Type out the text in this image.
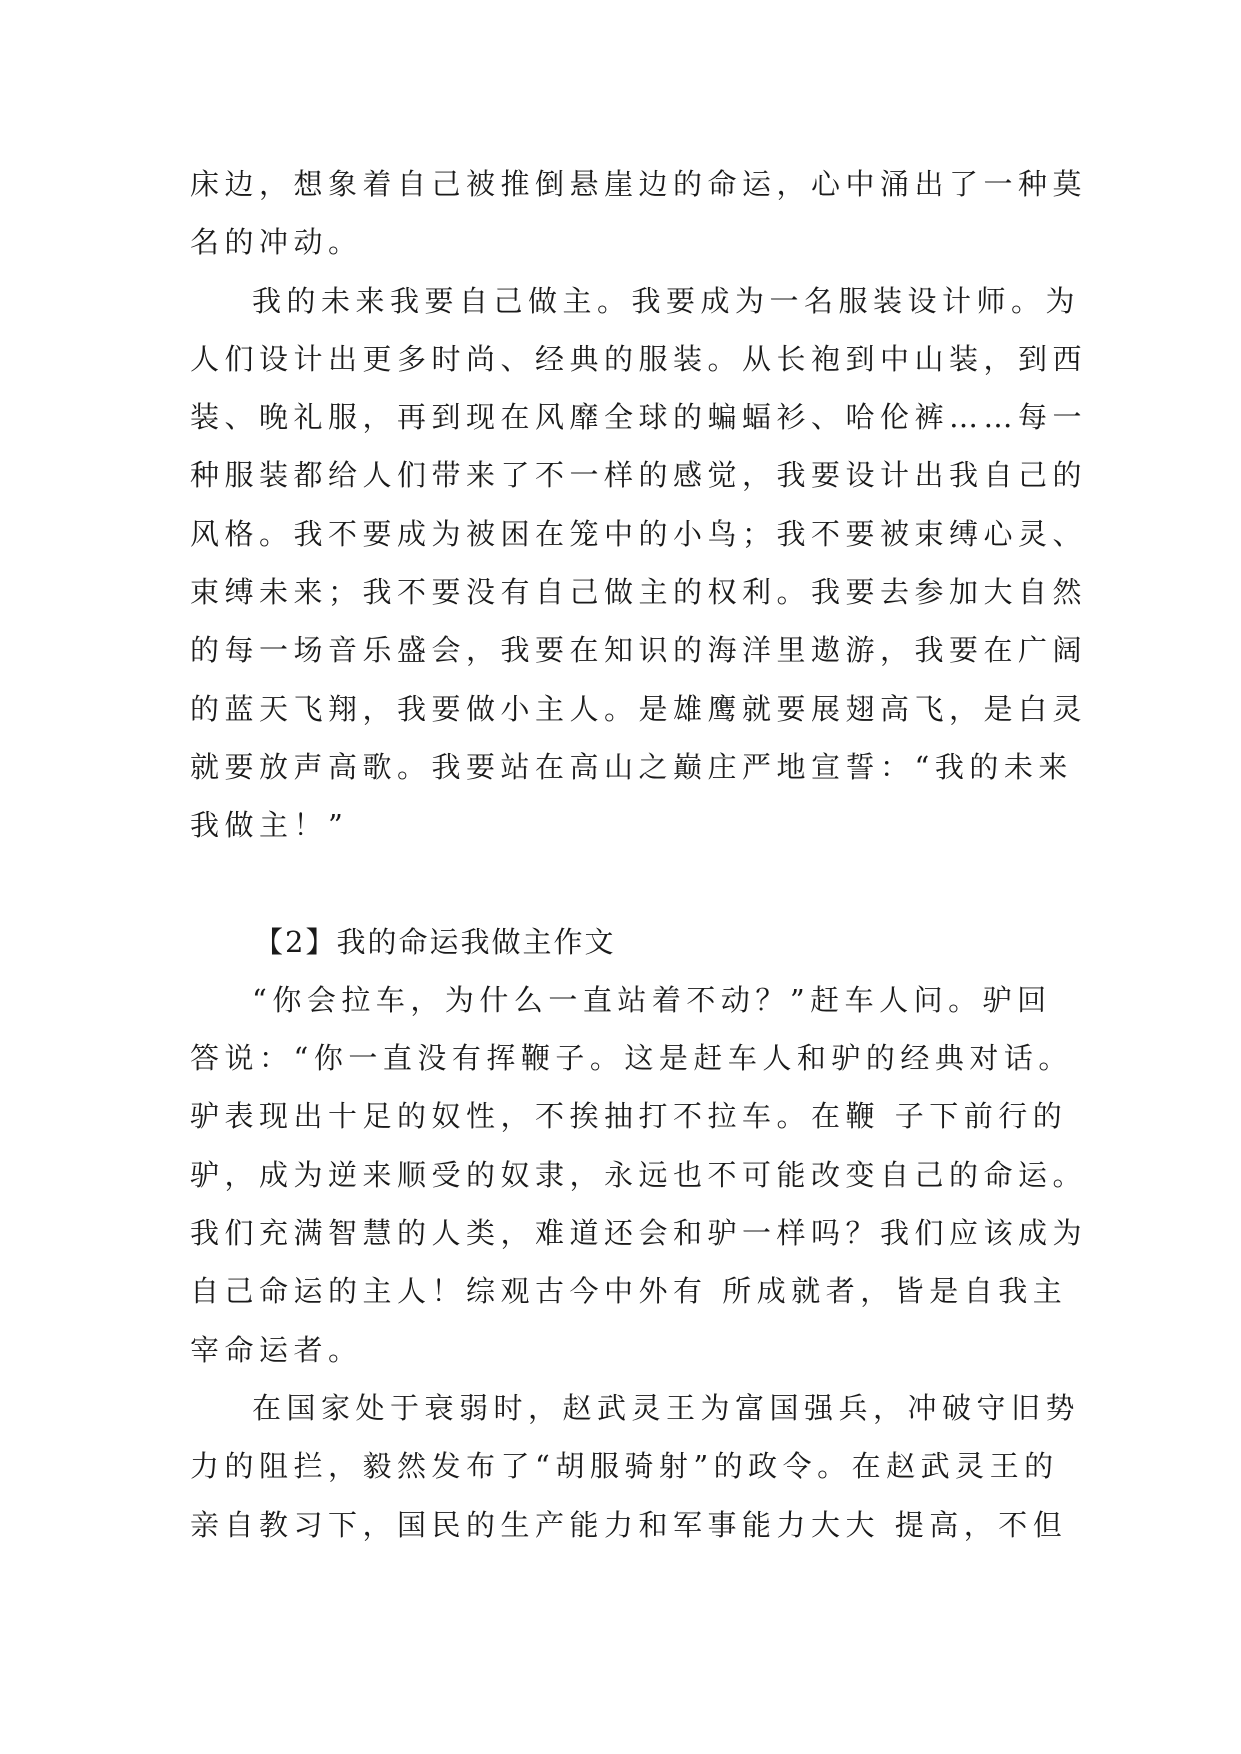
床边，想象着自己被推倒悬崖边的命运，心中涌出了一种莫
名的冲动。
我的未来我要自己做主。我要成为一名服装设计师。为
人们设计出更多时尚、经典的服装。从长袍到中山装，到西
装、晚礼服，再到现在风靡全球的蝙蝠衫、哈伦裤……每一
种服装都给人们带来了不一样的感觉，我要设计出我自己的
风格。我不要成为被困在笼中的小鸟；我不要被束缚心灵、
束缚未来；我不要没有自己做主的权利。我要去参加大自然
的每一场音乐盛会，我要在知识的海洋里遨游，我要在广阔
的蓝天飞翔，我要做小主人。是雄鹰就要展翅高飞，是白灵
就要放声高歌。我要站在高山之巅庄严地宣誓：“我的未来
我做主！”
【2】我的命运我做主作文
“你会拉车，为什么一直站着不动？”赶车人问。驴回
答说：“你一直没有挥鞭子。这是赶车人和驴的经典对话。
驴表现出十足的奴性，不挨抽打不拉车。在鞭 子下前行的
驴，成为逆来顺受的奴隶，永远也不可能改变自己的命运。
我们充满智慧的人类，难道还会和驴一样吗？我们应该成为
自己命运的主人！综观古今中外有 所成就者，皆是自我主
宰命运者。
在国家处于衰弱时，赵武灵王为富国强兵，冲破守旧势
力的阻拦，毅然发布了“胡服骑射”的政令。在赵武灵王的
亲自教习下，国民的生产能力和军事能力大大 提高，不但
